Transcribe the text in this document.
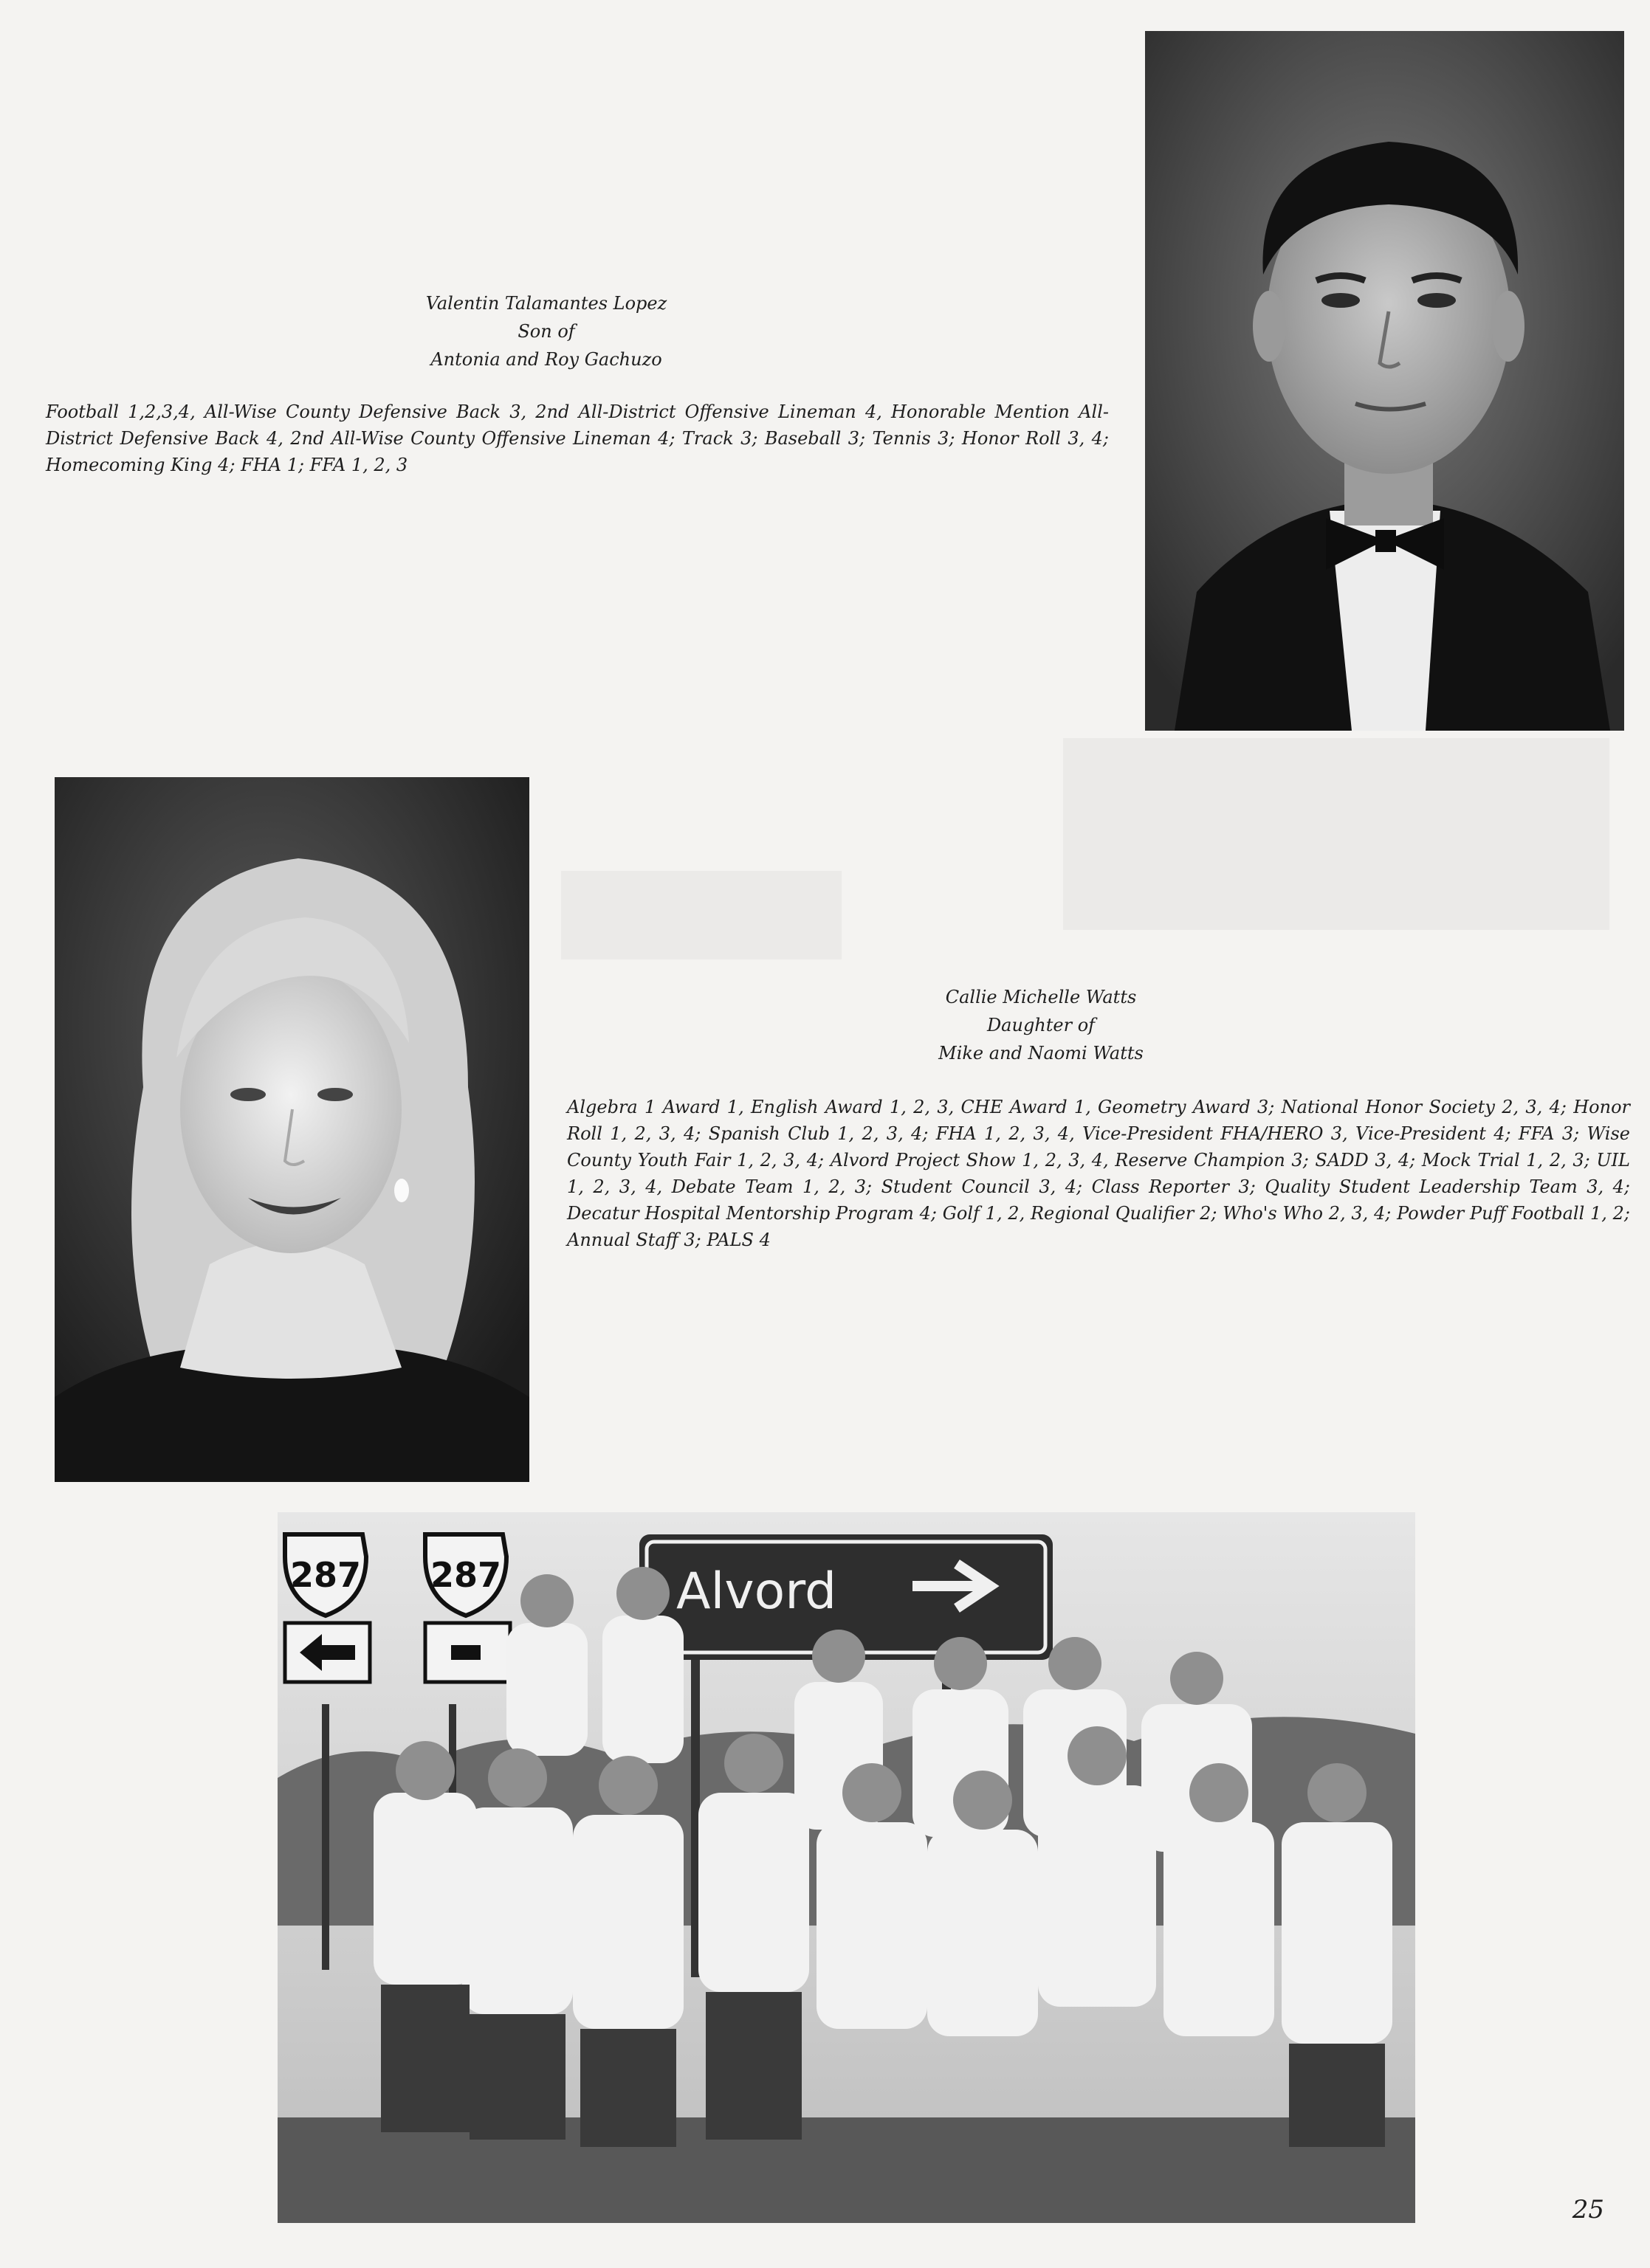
Valentin Talamantes Lopez
Son of
Antonia and Roy Gachuzo
Football 1,2,3,4, All-Wise County Defensive Back 3, 2nd All-District Offensive Lineman 4, Honorable Mention All-District Defensive Back 4, 2nd All-Wise County Offensive Lineman 4; Track 3; Baseball 3; Tennis 3; Honor Roll 3, 4; Homecoming King 4; FHA 1; FFA 1, 2, 3
Callie Michelle Watts
Daughter of
Mike and Naomi Watts
Algebra 1 Award 1, English Award 1, 2, 3, CHE Award 1, Geometry Award 3; National Honor Society 2, 3, 4; Honor Roll 1, 2, 3, 4; Spanish Club 1, 2, 3, 4; FHA 1, 2, 3, 4, Vice-President FHA/HERO 3, Vice-President 4; FFA 3; Wise County Youth Fair 1, 2, 3, 4; Alvord Project Show 1, 2, 3, 4, Reserve Champion 3; SADD 3, 4; Mock Trial 1, 2, 3; UIL 1, 2, 3, 4, Debate Team 1, 2, 3; Student Council 3, 4; Class Reporter 3; Quality Student Leadership Team 3, 4; Decatur Hospital Mentorship Program 4; Golf 1, 2, Regional Qualifier 2; Who's Who 2, 3, 4; Powder Puff Football 1, 2; Annual Staff 3; PALS 4
287 287	Alvord
25
